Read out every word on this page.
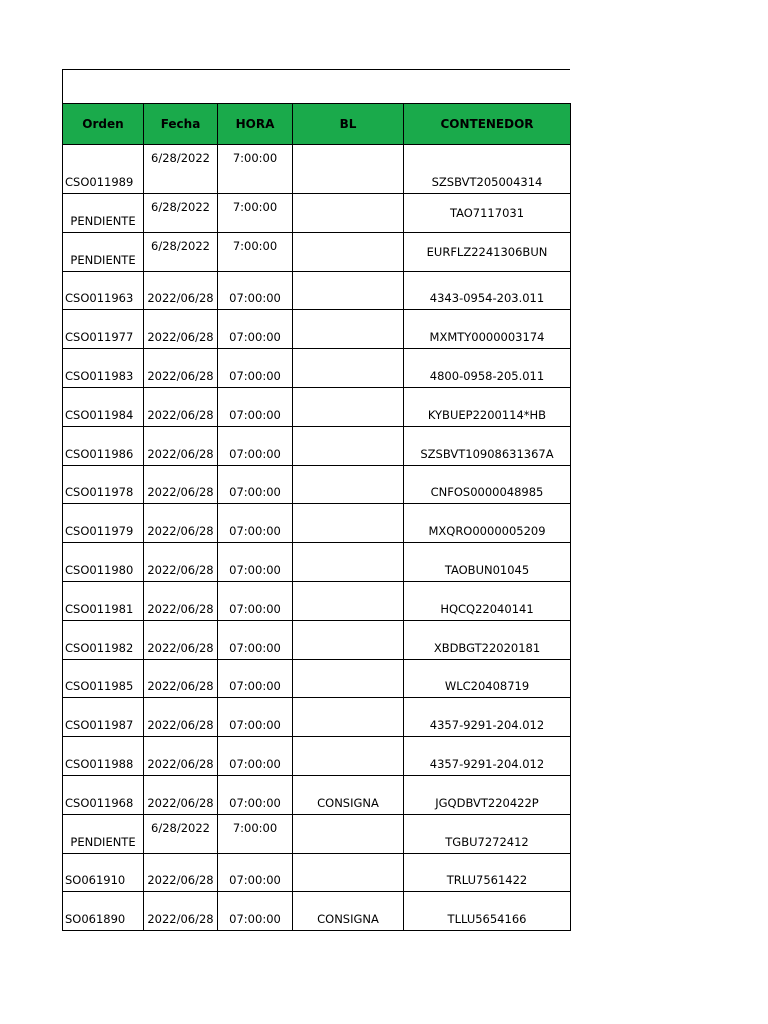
Orden	Fecha	HORA	BL	CONTENEDOR

CSO011989	6/28/2022	7:00:00		SZSBVT205004314

PENDIENTE	6/28/2022	7:00:00		TAO7117031

PENDIENTE	6/28/2022	7:00:00		EURFLZ2241306BUN

CSO011963	2022/06/28	07:00:00		4343-0954-203.011

CSO011977	2022/06/28	07:00:00		MXMTY0000003174

CSO011983	2022/06/28	07:00:00		4800-0958-205.011

CSO011984	2022/06/28	07:00:00		KYBUEP2200114*HB

CSO011986	2022/06/28	07:00:00		SZSBVT10908631367A

CSO011978	2022/06/28	07:00:00		CNFOS0000048985

CSO011979	2022/06/28	07:00:00		MXQRO0000005209

CSO011980	2022/06/28	07:00:00		TAOBUN01045

CSO011981	2022/06/28	07:00:00		HQCQ22040141

CSO011982	2022/06/28	07:00:00		XBDBGT22020181

CSO011985	2022/06/28	07:00:00		WLC20408719

CSO011987	2022/06/28	07:00:00		4357-9291-204.012

CSO011988	2022/06/28	07:00:00		4357-9291-204.012

CSO011968	2022/06/28	07:00:00	CONSIGNA	JGQDBVT220422P

PENDIENTE	6/28/2022	7:00:00		TGBU7272412

SO061910	2022/06/28	07:00:00		TRLU7561422

SO061890	2022/06/28	07:00:00	CONSIGNA	TLLU5654166
